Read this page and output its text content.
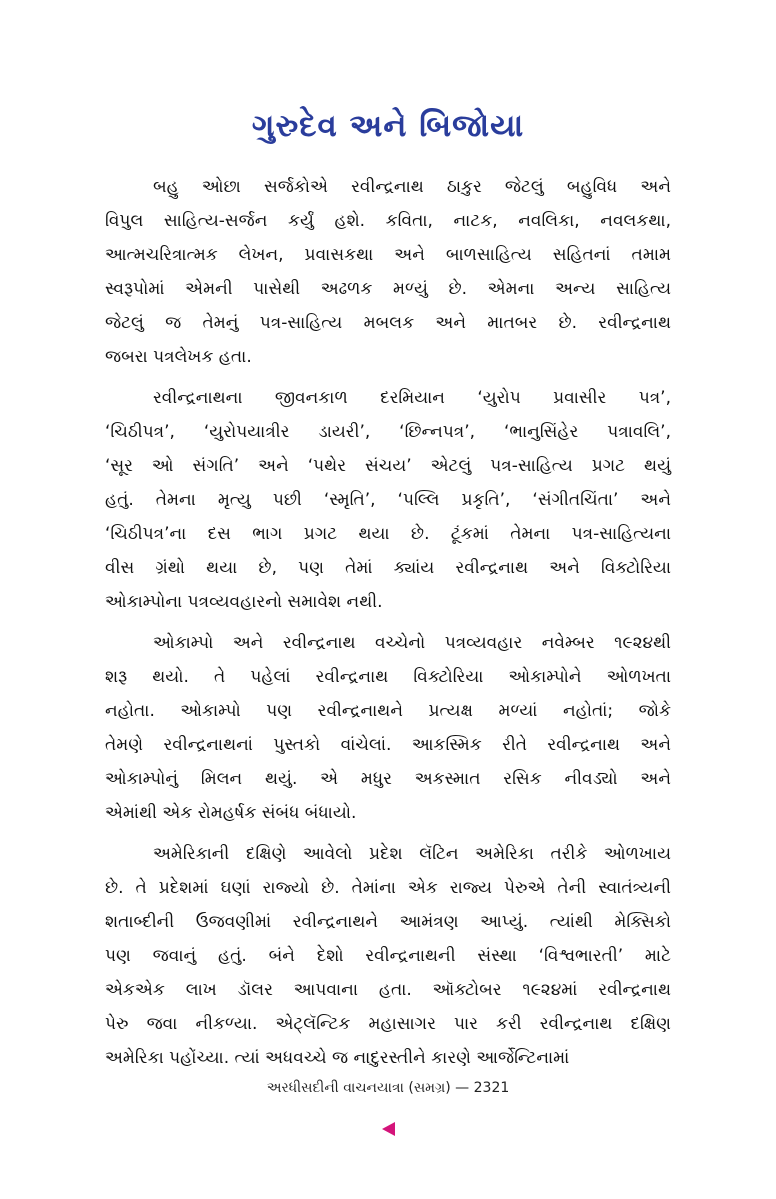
ગુરુદેવ અને બિજોયા
બહુ ઓછા સર્જકોએ રવીન્દ્રનાથ ઠાકુર જેટલું બહુવિધ અને
વિપુલ સાહિત્ય-સર્જન કર્યું હશે. કવિતા, નાટક, નવલિકા, નવલકથા,
આત્મચરિત્રાત્મક લેખન, પ્રવાસકથા અને બાળસાહિત્ય સહિતનાં તમામ
સ્વરૂપોમાં એમની પાસેથી અઢળક મળ્યું છે. એમના અન્ય સાહિત્ય
જેટલું જ તેમનું પત્ર-સાહિત્ય મબલક અને માતબર છે. રવીન્દ્રનાથ
જબરા પત્રલેખક હતા.
રવીન્દ્રનાથના જીવનકાળ દરમિયાન ‘યુરોપ પ્રવાસીર પત્ર’,
‘ચિઠીપત્ર’, ‘યુરોપયાત્રીર ડાયરી’, ‘છિન્નપત્ર’, ‘ભાનુસિંહેર પત્રાવલિ’,
‘સૂર ઓ સંગતિ’ અને ‘પથેર સંચય’ એટલું પત્ર-સાહિત્ય પ્રગટ થયું
હતું. તેમના મૃત્યુ પછી ‘સ્મૃતિ’, ‘પલ્લિ પ્રકૃતિ’, ‘સંગીતચિંતા’ અને
‘ચિઠીપત્ર’ના દસ ભાગ પ્રગટ થયા છે. ટૂંકમાં તેમના પત્ર-સાહિત્યના
વીસ ગ્રંથો થયા છે, પણ તેમાં ક્યાંય રવીન્દ્રનાથ અને વિક્ટોરિયા
ઓકામ્પોના પત્રવ્યવહારનો સમાવેશ નથી.
ઓકામ્પો અને રવીન્દ્રનાથ વચ્ચેનો પત્રવ્યવહાર નવેમ્બર ૧૯૨૪થી
શરૂ થયો. તે પહેલાં રવીન્દ્રનાથ વિક્ટોરિયા ઓકામ્પોને ઓળખતા
નહોતા. ઓકામ્પો પણ રવીન્દ્રનાથને પ્રત્યક્ષ મળ્યાં નહોતાં; જોકે
તેમણે રવીન્દ્રનાથનાં પુસ્તકો વાંચેલાં. આકસ્મિક રીતે રવીન્દ્રનાથ અને
ઓકામ્પોનું મિલન થયું. એ મધુર અકસ્માત રસિક નીવડ્યો અને
એમાંથી એક રોમહર્ષક સંબંધ બંધાયો.
અમેરિકાની દક્ષિણે આવેલો પ્રદેશ લૅટિન અમેરિકા તરીકે ઓળખાય
છે. તે પ્રદેશમાં ઘણાં રાજ્યો છે. તેમાંના એક રાજ્ય પેરુએ તેની સ્વાતંત્ર્યની
શતાબ્દીની ઉજવણીમાં રવીન્દ્રનાથને આમંત્રણ આપ્યું. ત્યાંથી મેક્સિકો
પણ જવાનું હતું. બંને દેશો રવીન્દ્રનાથની સંસ્થા ‘વિશ્વભારતી’ માટે
એકએક લાખ ડૉલર આપવાના હતા. ઑક્ટોબર ૧૯૨૪માં રવીન્દ્રનાથ
પેરુ જવા નીકળ્યા. એટ્લૅન્ટિક મહાસાગર પાર કરી રવીન્દ્રનાથ દક્ષિણ
અમેરિકા પહોંચ્યા. ત્યાં અધવચ્ચે જ નાદુરસ્તીને કારણે આર્જેન્ટિનામાં
અરધીસદીની વાચનયાત્રા (સમગ્ર) — 2321
